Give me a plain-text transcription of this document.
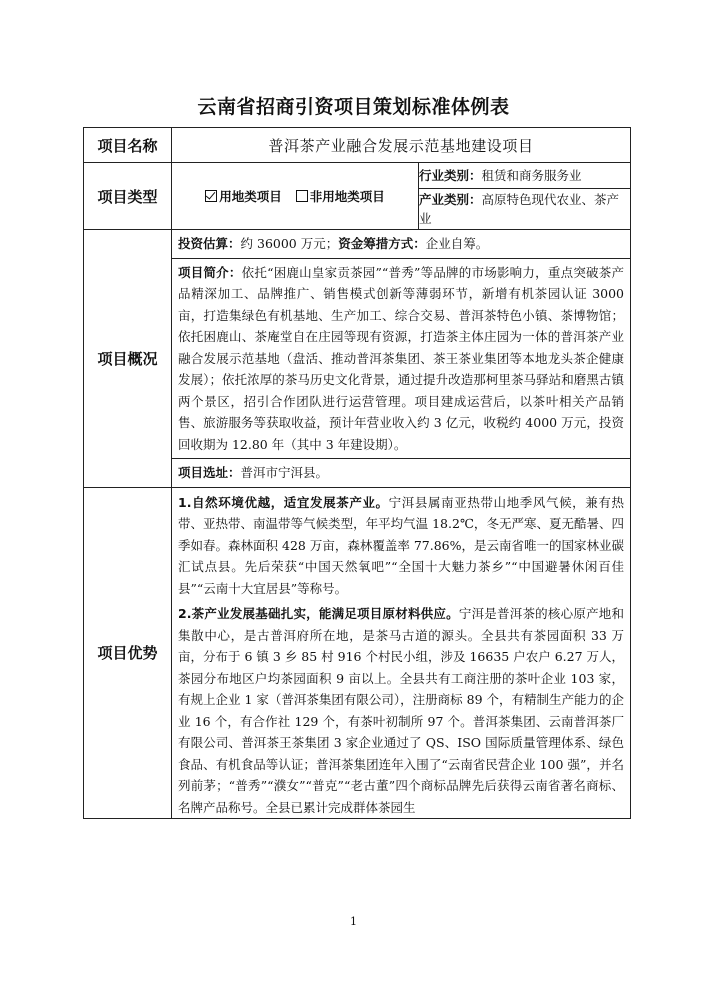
云南省招商引资项目策划标准体例表
项目名称	普洱茶产业融合发展示范基地建设项目	
项目类型	用地类项目 非用地类项目	行业类别：租赁和商务服务业
		产业类别：高原特色现代农业、茶产业
项目概况	投资估算：约 36000 万元；资金筹措方式：企业自筹。
项目简介：依托“困鹿山皇家贡茶园”“普秀”等品牌的市场影响力，重点突破茶产品精深加工、品牌推广、销售模式创新等薄弱环节，新增有机茶园认证 3000 亩，打造集绿色有机基地、生产加工、综合交易、普洱茶特色小镇、茶博物馆；依托困鹿山、茶庵堂自在庄园等现有资源，打造茶主体庄园为一体的普洱茶产业融合发展示范基地（盘活、推动普洱茶集团、茶王茶业集团等本地龙头茶企健康发展）；依托浓厚的茶马历史文化背景，通过提升改造那柯里茶马驿站和磨黑古镇两个景区，招引合作团队进行运营管理。项目建成运营后，以茶叶相关产品销售、旅游服务等获取收益，预计年营业收入约 3 亿元，收税约 4000 万元，投资回收期为 12.80 年（其中 3 年建设期）。
项目选址：普洱市宁洱县。	

项目优势	1.自然环境优越，适宜发展茶产业。宁洱县属南亚热带山地季风气候，兼有热带、亚热带、南温带等气候类型，年平均气温 18.2℃，冬无严寒、夏无酷暑、四季如春。森林面积 428 万亩，森林覆盖率 77.86%，是云南省唯一的国家林业碳汇试点县。先后荣获“中国天然氧吧”“全国十大魅力茶乡”“中国避暑休闲百佳县”“云南十大宜居县”等称号。
2.茶产业发展基础扎实，能满足项目原材料供应。宁洱是普洱茶的核心原产地和集散中心，是古普洱府所在地，是茶马古道的源头。全县共有茶园面积 33 万亩，分布于 6 镇 3 乡 85 村 916 个村民小组，涉及 16635 户农户 6.27 万人，茶园分布地区户均茶园面积 9 亩以上。全县共有工商注册的茶叶企业 103 家，有规上企业 1 家（普洱茶集团有限公司），注册商标 89 个，有精制生产能力的企业 16 个，有合作社 129 个，有茶叶初制所 97 个。普洱茶集团、云南普洱茶厂有限公司、普洱茶王茶集团 3 家企业通过了 QS、ISO 国际质量管理体系、绿色食品、有机食品等认证；普洱茶集团连年入围了“云南省民营企业 100 强”，并名列前茅；“普秀”“濮女”“普克”“老古董”四个商标品牌先后获得云南省著名商标、名牌产品称号。全县已累计完成群体茶园生	
1
